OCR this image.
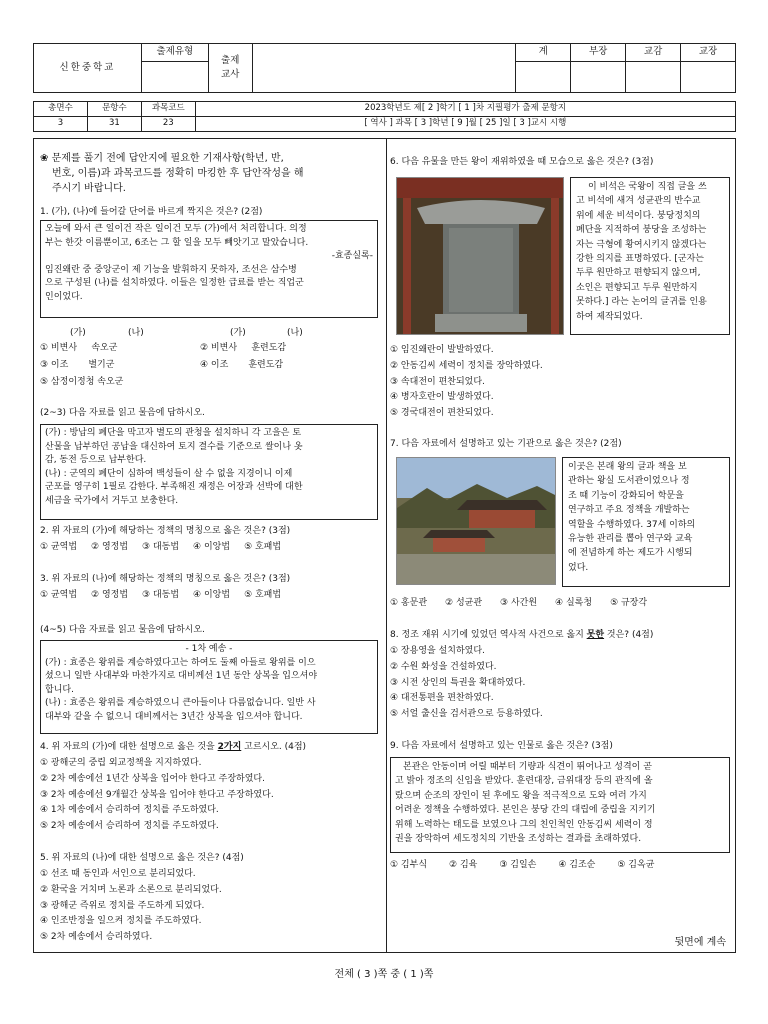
신한중학교	출제유형	출제
교사		계	부장	교감	교장

총면수	문항수	과목코드	2023학년도 제[ 2 ]학기 [ 1 ]차 지필평가 출제 문항지
3	31	23	[ 역사 ] 과목 [ 3 ]학년 [ 9 ]월 [ 25 ]일 [ 3 ]교시 시행
❀ 문제를 풀기 전에 답안지에 필요한 기재사항(학년, 반,
번호, 이름)과 과목코드를 정확히 마킹한 후 답안작성을 해
주시기 바랍니다.
1. (가), (나)에 들어갈 단어를 바르게 짝지은 것은? (2점)
오늘에 와서 큰 일이건 작은 일이건 모두 (가)에서 처리합니다. 의정
부는 한갓 이름뿐이고, 6조는 그 할 일을 모두 빼앗기고 말았습니다.
-효종실록-
임진왜란 중 중앙군이 제 기능을 발휘하지 못하자, 조선은 삼수병
으로 구성된 (나)를 설치하였다. 이들은 일정한 급료를 받는 직업군
인이었다.
(가)	(나)	(가)	(나)
① 비변사     속오군	② 비변사     훈련도감
③ 이조       별기군	④ 이조       훈련도감
⑤ 삼정이정청 속오군
(2~3) 다음 자료를 읽고 물음에 답하시오.
(가) : 방납의 폐단을 막고자 별도의 관청을 설치하니 각 고을은 토
산물을 납부하던 공납을 대신하여 토지 결수를 기준으로 쌀이나 옷
감, 동전 등으로 납부한다.
(나) : 군역의 폐단이 심하여 백성들이 살 수 없을 지경이니 이제
군포를 영구히 1필로 감한다. 부족해진 재정은 어장과 선박에 대한
세금을 국가에서 거두고 보충한다.
2. 위 자료의 (가)에 해당하는 정책의 명칭으로 옳은 것은? (3점)
① 균역법 ② 영정법 ③ 대동법 ④ 이앙법 ⑤ 호패법
3. 위 자료의 (나)에 해당하는 정책의 명칭으로 옳은 것은? (3점)
① 균역법 ② 영정법 ③ 대동법 ④ 이앙법 ⑤ 호패법
(4~5) 다음 자료를 읽고 물음에 답하시오.
- 1차 예송 -
(가) : 효종은 왕위를 계승하였다고는 하여도 둘째 아들로 왕위를 이으
셨으니 일반 사대부와 마찬가지로 대비께선 1년 동안 상복을 입으셔야
합니다.
(나) : 효종은 왕위를 계승하였으니 큰아들이나 다름없습니다. 일반 사
대부와 같을 수 없으니 대비께서는 3년간 상복을 입으셔야 합니다.
4. 위 자료의 (가)에 대한 설명으로 옳은 것을 2가지 고르시오. (4점)
① 광해군의 중립 외교정책을 지지하였다.
② 2차 예송에선 1년간 상복을 입어야 한다고 주장하였다.
③ 2차 예송에선 9개월간 상복을 입어야 한다고 주장하였다.
④ 1차 예송에서 승리하여 정치를 주도하였다.
⑤ 2차 예송에서 승리하여 정치를 주도하였다.
5. 위 자료의 (나)에 대한 설명으로 옳은 것은? (4점)
① 선조 때 동인과 서인으로 분리되었다.
② 환국을 거치며 노론과 소론으로 분리되었다.
③ 광해군 즉위로 정치를 주도하게 되었다.
④ 인조반정을 일으켜 정치를 주도하였다.
⑤ 2차 예송에서 승리하였다.
6. 다음 유물을 만든 왕이 재위하였을 때 모습으로 옳은 것은? (3점)
이 비석은 국왕이 직접 글을 쓰
고 비석에 새겨 성균관의 반수교
위에 세운 비석이다. 붕당정치의
폐단을 지적하여 붕당을 조성하는
자는 극형에 황여시키지 않겠다는
강한 의지를 표명하였다. [군자는
두루 원만하고 편향되지 않으며,
소인은 편향되고 두루 원만하지
못하다.] 라는 논어의 글귀를 인용
하여 제작되었다.
① 임진왜란이 발발하였다.
② 안동김씨 세력이 정치를 장악하였다.
③ 속대전이 편찬되었다.
④ 병자호란이 발생하였다.
⑤ 경국대전이 편찬되었다.
7. 다음 자료에서 설명하고 있는 기관으로 옳은 것은? (2점)
이곳은 본래 왕의 글과 책을 보
관하는 왕실 도서관이었으나 정
조 때 기능이 강화되어 학문을
연구하고 주요 정책을 개발하는
역할을 수행하였다. 37세 이하의
유능한 관리를 뽑아 연구와 교육
에 전념하게 하는 제도가 시행되
었다.
① 홍문관 ② 성균관 ③ 사간원 ④ 실록청 ⑤ 규장각
8. 정조 재위 시기에 있었던 역사적 사건으로 옳지 못한 것은? (4점)
① 장용영을 설치하였다.
② 수원 화성을 건설하였다.
③ 시전 상인의 특권을 확대하였다.
④ 대전통편을 편찬하였다.
⑤ 서얼 출신을 검서관으로 등용하였다.
9. 다음 자료에서 설명하고 있는 인물로 옳은 것은? (3점)
본관은 안동이며 어릴 때부터 기량과 식견이 뛰어나고 성격이 곧
고 밝아 정조의 신임을 받았다. 훈련대장, 금위대장 등의 관직에 올
랐으며 순조의 장인이 된 후에도 왕을 적극적으로 도와 여러 가지
어려운 정책을 수행하였다. 본인은 붕당 간의 대립에 중립을 지키기
위해 노력하는 태도를 보였으나 그의 친인척인 안동김씨 세력이 정
권을 장악하여 세도정치의 기반을 조성하는 결과를 초래하였다.
① 김부식 ② 김육 ③ 김일손 ④ 김조순 ⑤ 김옥균
뒷면에 계속
전체 ( 3 )쪽 중 ( 1 )쪽
